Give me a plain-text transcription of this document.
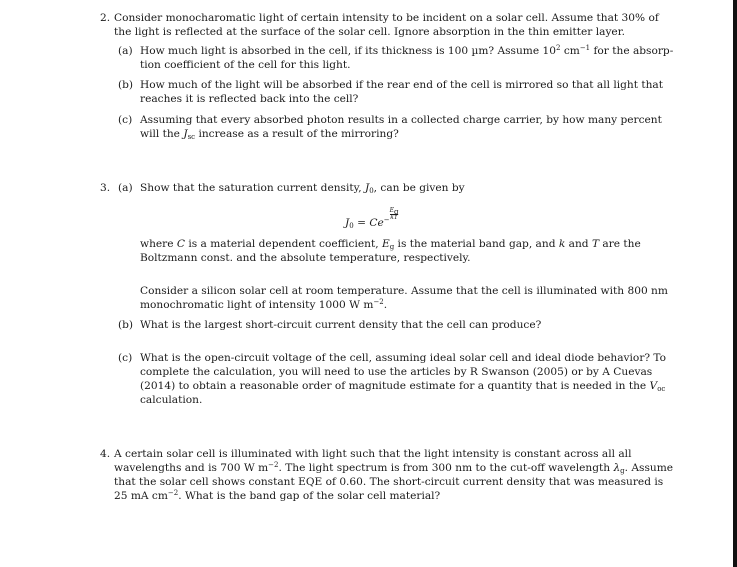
2. Consider monocharomatic light of certain intensity to be incident on a solar cell. Assume that 30% of
the light is reflected at the surface of the solar cell. Ignore absorption in the thin emitter layer.
(a) How much light is absorbed in the cell, if its thickness is 100 µm? Assume $10^2$ $cm^{-1}$ for the absorp-
tion coefficient of the cell for this light.
(b) How much of the light will be absorbed if the rear end of the cell is mirrored so that all light that
reaches it is reflected back into the cell?
(c) Assuming that every absorbed photon results in a collected charge carrier, by how many percent
will the $J_{sc}$ increase as a result of the mirroring?
3. (a) Show that the saturation current density, $J_0$, can be given by
$J_0 = Ce^{-\frac{E_g}{kT}}$
where C is a material dependent coefficient, $E_g$ is the material band gap, and k and T are the
Boltzmann const. and the absolute temperature, respectively.
Consider a silicon solar cell at room temperature. Assume that the cell is illuminated with 800 nm
monochromatic light of intensity 1000 W $m^{-2}$.
(b) What is the largest short-circuit current density that the cell can produce?
(c) What is the open-circuit voltage of the cell, assuming ideal solar cell and ideal diode behavior? To
complete the calculation, you will need to use the articles by R Swanson (2005) or by A Cuevas
(2014) to obtain a reasonable order of magnitude estimate for a quantity that is needed in the $V_{oc}$
calculation.
4. A certain solar cell is illuminated with light such that the light intensity is constant across all all
wavelengths and is 700 W $m^{-2}$. The light spectrum is from 300 nm to the cut-off wavelength $\lambda_g$. Assume
that the solar cell shows constant EQE of 0.60. The short-circuit current density that was measured is
25 mA $cm^{-2}$. What is the band gap of the solar cell material?
